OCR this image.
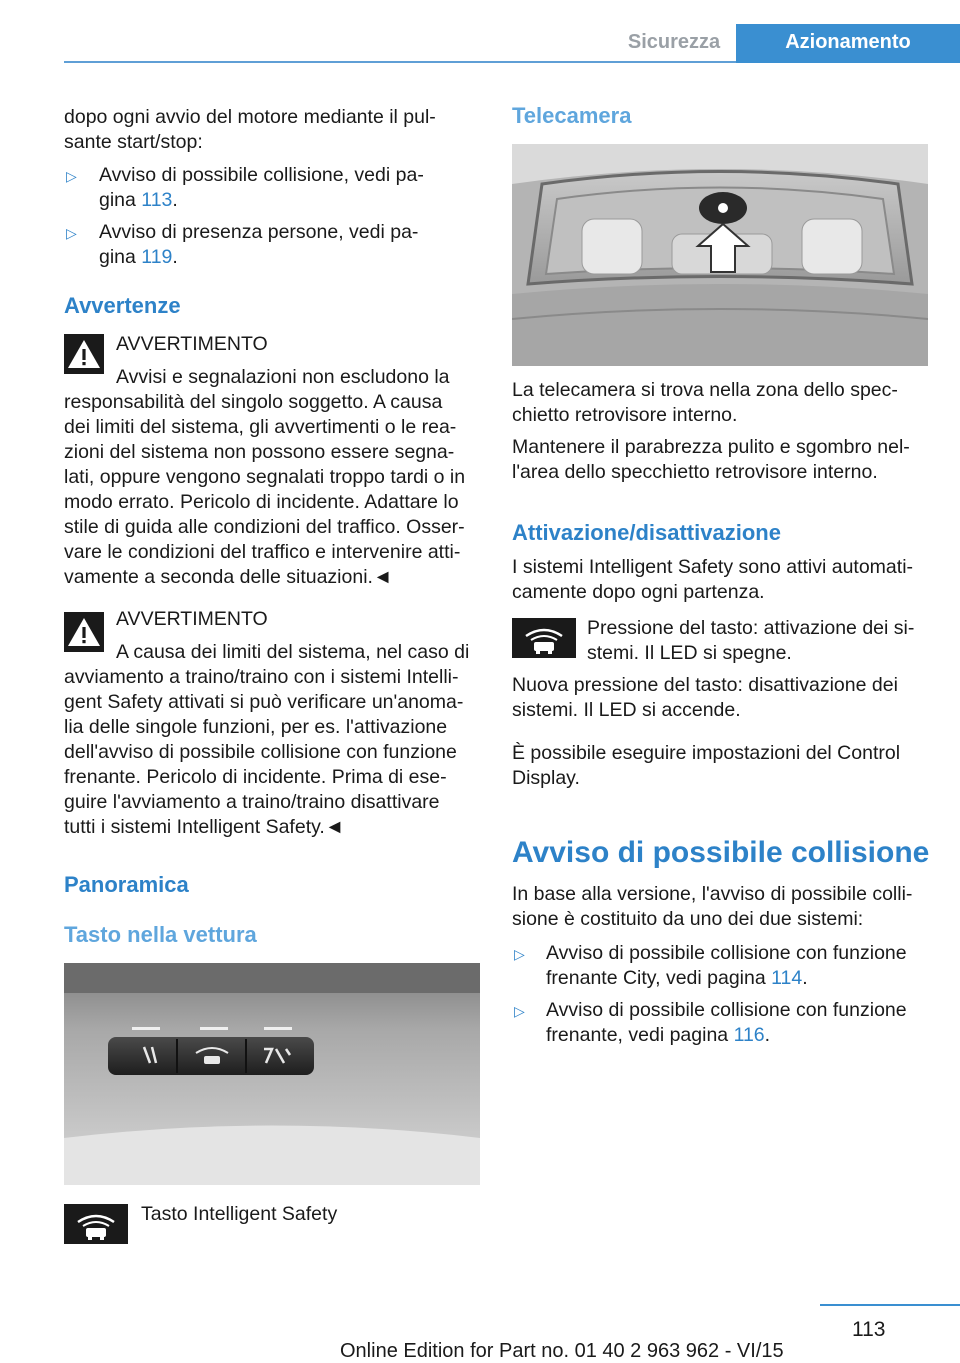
Sicurezza	Azionamento
dopo ogni avvio del motore mediante il pul-
sante start/stop:
▷ Avviso di possibile collisione, vedi pa-
gina 113.
▷ Avviso di presenza persone, vedi pa-
gina 119.
Avvertenze
AVVERTIMENTO
Avvisi e segnalazioni non escludono la
responsabilità del singolo soggetto. A causa
dei limiti del sistema, gli avvertimenti o le rea-
zioni del sistema non possono essere segna-
lati, oppure vengono segnalati troppo tardi o in
modo errato. Pericolo di incidente. Adattare lo
stile di guida alle condizioni del traffico. Osser-
vare le condizioni del traffico e intervenire atti-
vamente a seconda delle situazioni.◄
AVVERTIMENTO
A causa dei limiti del sistema, nel caso di
avviamento a traino/traino con i sistemi Intelli-
gent Safety attivati si può verificare un'anoma-
lia delle singole funzioni, per es. l'attivazione
dell'avviso di possibile collisione con funzione
frenante. Pericolo di incidente. Prima di ese-
guire l'avviamento a traino/traino disattivare
tutti i sistemi Intelligent Safety.◄
Panoramica
Tasto nella vettura
Tasto Intelligent Safety
Telecamera
La telecamera si trova nella zona dello spec-
chietto retrovisore interno.
Mantenere il parabrezza pulito e sgombro nel-
l'area dello specchietto retrovisore interno.
Attivazione/disattivazione
I sistemi Intelligent Safety sono attivi automati-
camente dopo ogni partenza.
Pressione del tasto: attivazione dei si-
stemi. Il LED si spegne.
Nuova pressione del tasto: disattivazione dei
sistemi. Il LED si accende.
È possibile eseguire impostazioni del Control
Display.
Avviso di possibile collisione
In base alla versione, l'avviso di possibile colli-
sione è costituito da uno dei due sistemi:
▷ Avviso di possibile collisione con funzione
frenante City, vedi pagina 114.
▷ Avviso di possibile collisione con funzione
frenante, vedi pagina 116.
113
Online Edition for Part no. 01 40 2 963 962 - VI/15
